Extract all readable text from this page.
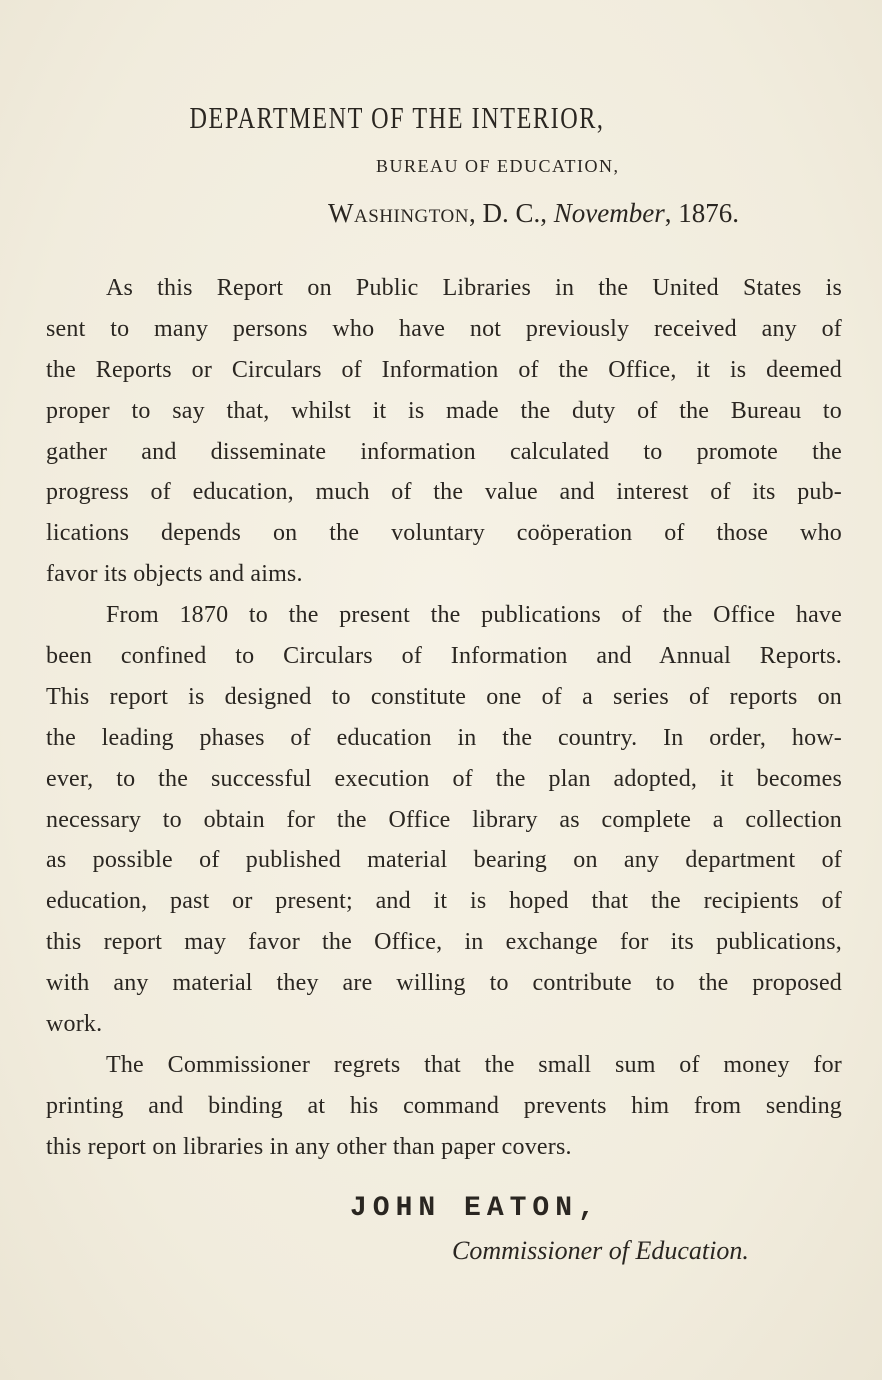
DEPARTMENT OF THE INTERIOR,
BUREAU OF EDUCATION,
Washington, D. C., November, 1876.
As this Report on Public Libraries in the United States is
sent to many persons who have not previously received any of
the Reports or Circulars of Information of the Office, it is deemed
proper to say that, whilst it is made the duty of the Bureau to
gather and disseminate information calculated to promote the
progress of education, much of the value and interest of its pub-
lications depends on the voluntary coöperation of those who
favor its objects and aims.
From 1870 to the present the publications of the Office have
been confined to Circulars of Information and Annual Reports.
This report is designed to constitute one of a series of reports on
the leading phases of education in the country. In order, how-
ever, to the successful execution of the plan adopted, it becomes
necessary to obtain for the Office library as complete a collection
as possible of published material bearing on any department of
education, past or present; and it is hoped that the recipients of
this report may favor the Office, in exchange for its publications,
with any material they are willing to contribute to the proposed
work.
The Commissioner regrets that the small sum of money for
printing and binding at his command prevents him from sending
this report on libraries in any other than paper covers.
JOHN EATON,
Commissioner of Education.
